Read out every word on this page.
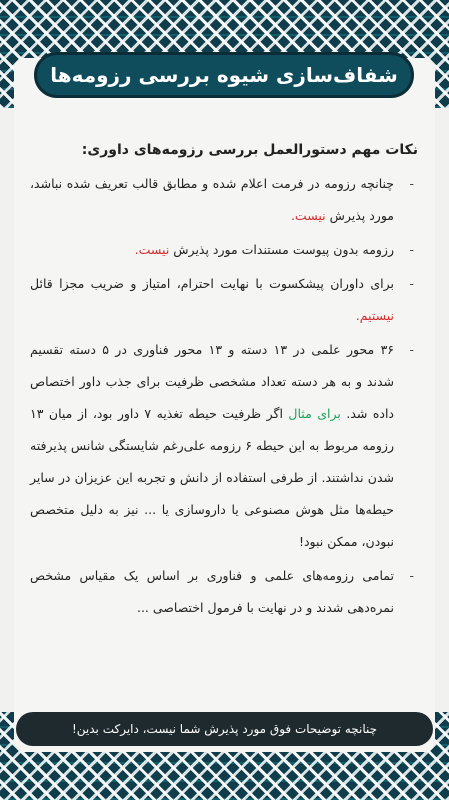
شفاف‌سازی شیوه بررسی رزومه‌ها
نکات مهم دستورالعمل بررسی رزومه‌های داوری:
-
چنانچه رزومه در فرمت اعلام شده و مطابق قالب تعریف شده نباشد، مورد پذیرش نیست.
-
رزومه بدون پیوست مستندات مورد پذیرش نیست.
-
برای داوران پیشکسوت با نهایت احترام، امتیاز و ضریب مجزا قائل نیستیم.
-
۳۶ محور علمی در ۱۳ دسته و ۱۳ محور فناوری در ۵ دسته تقسیم شدند و به هر دسته تعداد مشخصی ظرفیت برای جذب داور اختصاص داده شد. برای مثال اگر ظرفیت حیطه تغذیه ۷ داور بود، از میان ۱۳ رزومه مربوط به این حیطه ۶ رزومه علی‌رغم شایستگی شانس پذیرفته شدن نداشتند. از طرفی استفاده از دانش و تجربه این عزیزان در سایر حیطه‌ها مثل هوش مصنوعی یا داروسازی یا ... نیز به دلیل متخصص نبودن، ممکن نبود!
-
تمامی رزومه‌های علمی و فناوری بر اساس یک مقیاس مشخص نمره‌دهی شدند و در نهایت با فرمول اختصاصی ...
چنانچه توضیحات فوق مورد پذیرش شما نیست، دایرکت بدین!
